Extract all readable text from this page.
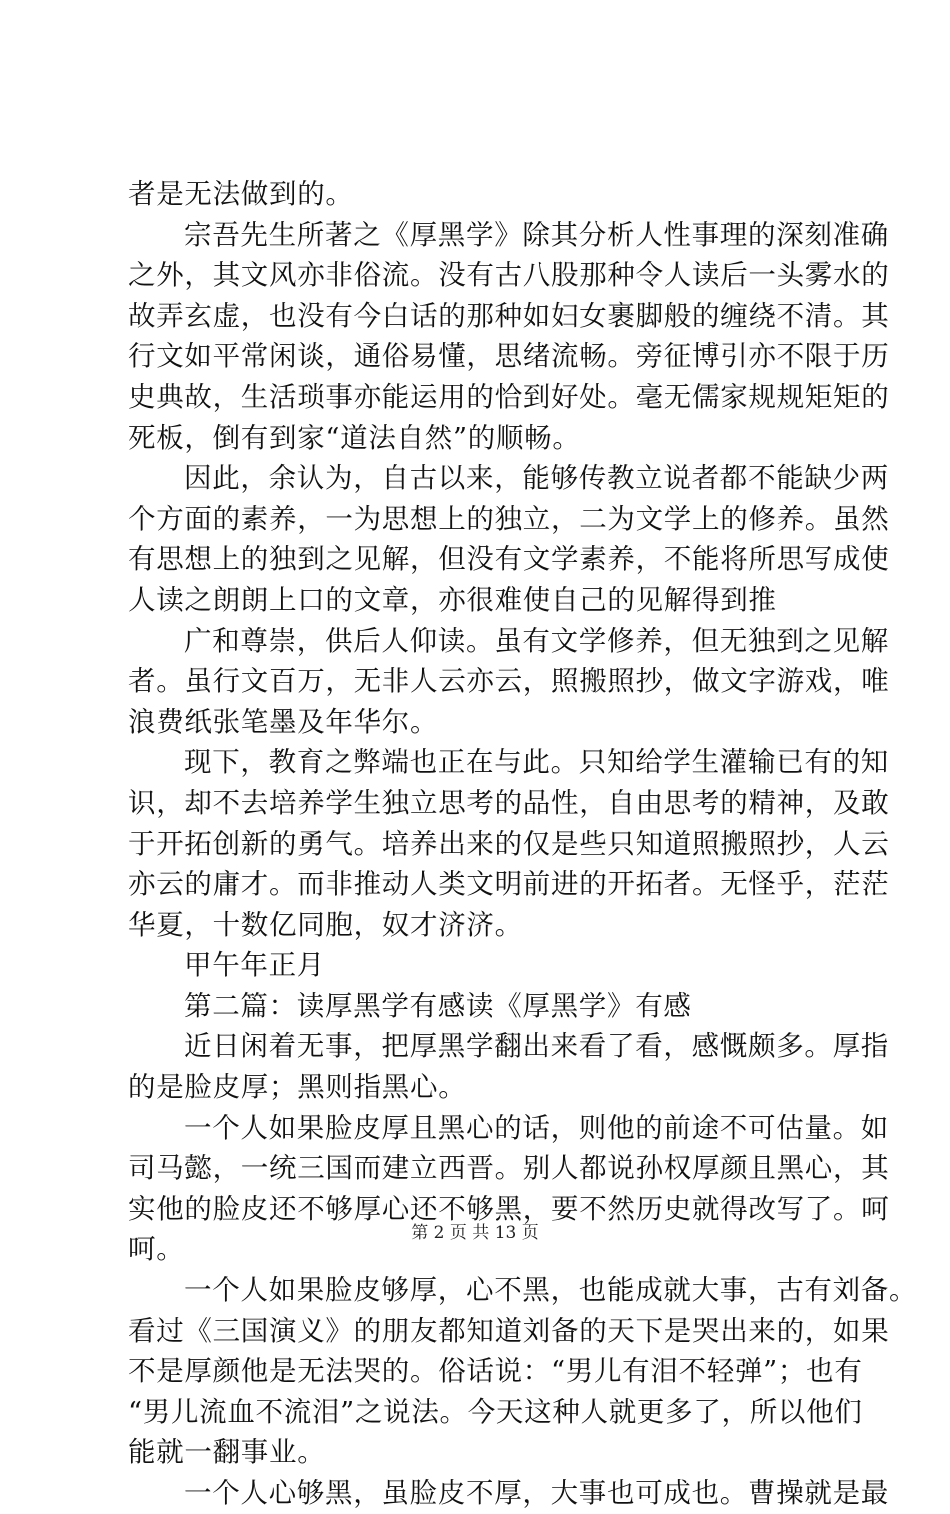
者是无法做到的。
宗吾先生所著之《厚黑学》除其分析人性事理的深刻准确
之外，其文风亦非俗流。没有古八股那种令人读后一头雾水的
故弄玄虚，也没有今白话的那种如妇女裹脚般的缠绕不清。其
行文如平常闲谈，通俗易懂，思绪流畅。旁征博引亦不限于历
史典故，生活琐事亦能运用的恰到好处。毫无儒家规规矩矩的
死板，倒有到家“道法自然”的顺畅。
因此，余认为，自古以来，能够传教立说者都不能缺少两
个方面的素养，一为思想上的独立，二为文学上的修养。虽然
有思想上的独到之见解，但没有文学素养，不能将所思写成使
人读之朗朗上口的文章，亦很难使自己的见解得到推
广和尊崇，供后人仰读。虽有文学修养，但无独到之见解
者。虽行文百万，无非人云亦云，照搬照抄，做文字游戏，唯
浪费纸张笔墨及年华尔。
现下，教育之弊端也正在与此。只知给学生灌输已有的知
识，却不去培养学生独立思考的品性，自由思考的精神，及敢
于开拓创新的勇气。培养出来的仅是些只知道照搬照抄，人云
亦云的庸才。而非推动人类文明前进的开拓者。无怪乎，茫茫
华夏，十数亿同胞，奴才济济。
甲午年正月
第二篇：读厚黑学有感读《厚黑学》有感
近日闲着无事，把厚黑学翻出来看了看，感慨颇多。厚指
的是脸皮厚；黑则指黑心。
一个人如果脸皮厚且黑心的话，则他的前途不可估量。如
司马懿，一统三国而建立西晋。别人都说孙权厚颜且黑心，其
实他的脸皮还不够厚心还不够黑，要不然历史就得改写了。呵
呵。
一个人如果脸皮够厚，心不黑，也能成就大事，古有刘备。
看过《三国演义》的朋友都知道刘备的天下是哭出来的，如果
不是厚颜他是无法哭的。俗话说：“男儿有泪不轻弹”；也有
“男儿流血不流泪”之说法。今天这种人就更多了，所以他们
能就一翻事业。
一个人心够黑，虽脸皮不厚，大事也可成也。曹操就是最
第 2 页 共 13 页
